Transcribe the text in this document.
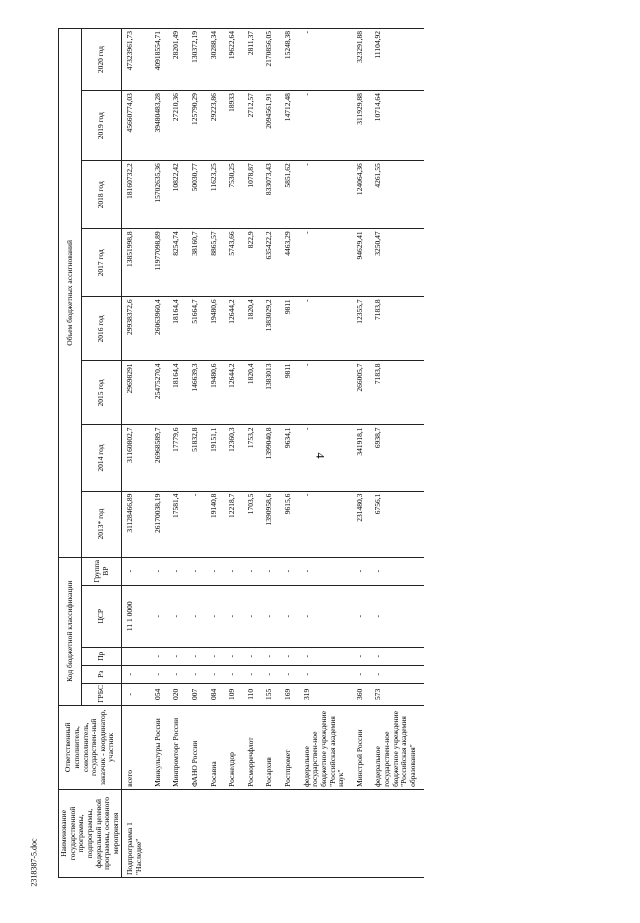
4
2318387-5.doc
Наименование государственной программы, подпрограммы, федеральной целевой программы, основного мероприятия	Ответственный исполнитель, соисполнитель, государствен-ный заказчик - координатор, участник	Код бюджетной классификации					Объем бюджетных ассигнований							
		ГРБС	Рз	Пр	ЦСР	Группа ВР	2013* год	2014 год	2015 год	2016 год	2017 год	2018 год	2019 год	2020 год
Подпрограмма 1 "Наследие"	всего	-	-		11 1 0000	-	31128466,89	31160802,7	29698291	29938372,6	13851998,8	18160732,2	45660774,03	47323961,73
	Минкультуры России	054	-	-	-	-	26170038,19	26968589,7	25475270,4	26063960,4	11977098,89	15702635,36	39480483,28	40918554,71
	Минпромторг России	020	-	-	-	-	17581,4	17779,6	18164,4	18164,4	8254,74	10822,42	27210,36	28201,49
	ФАНО России	007	-	-	-	-	-	51832,8	146639,3	51664,7	38160,7	50030,77	125790,29	130372,19
	Росавиа	084	-	-	-	-	19140,8	19151,1	19480,6	19480,6	8865,57	11623,25	29223,86	30288,34
	Росжелдор	109	-	-	-	-	12218,7	12360,3	12644,2	12644,2	5743,66	7530,25	18933	19622,64
	Росморречфлот	110	-	-	-	-	1703,5	1753,2	1820,4	1820,4	822,9	1078,87	2712,57	2811,37
	Росархив	155	-	-	-	-	1390958,6	1399040,8	1383013	1383029,2	635422,2	833073,43	2094561,91	2170856,05
	Ростпромет	169	-	-	-	-	9615,6	9634,1	9811	9811	4463,29	5851,62	14712,48	15248,38
	федеральное государствен-ное бюджетное учреждение "Российская академия наук"	319	-	-	-	-	-	-	-	-	-	-	-	-
	Минстрой России	360	-	-	-	-	231480,3	341918,1	266005,7	12355,7	94629,41	124064,36	311929,88	323291,88
	федеральное государствен-ное бюджетное учреждение "Российская академия образования"	573	-	-	-	-	6756,1	6938,7	7183,8	7183,8	3250,47	4261,55	10714,64	11104,92
